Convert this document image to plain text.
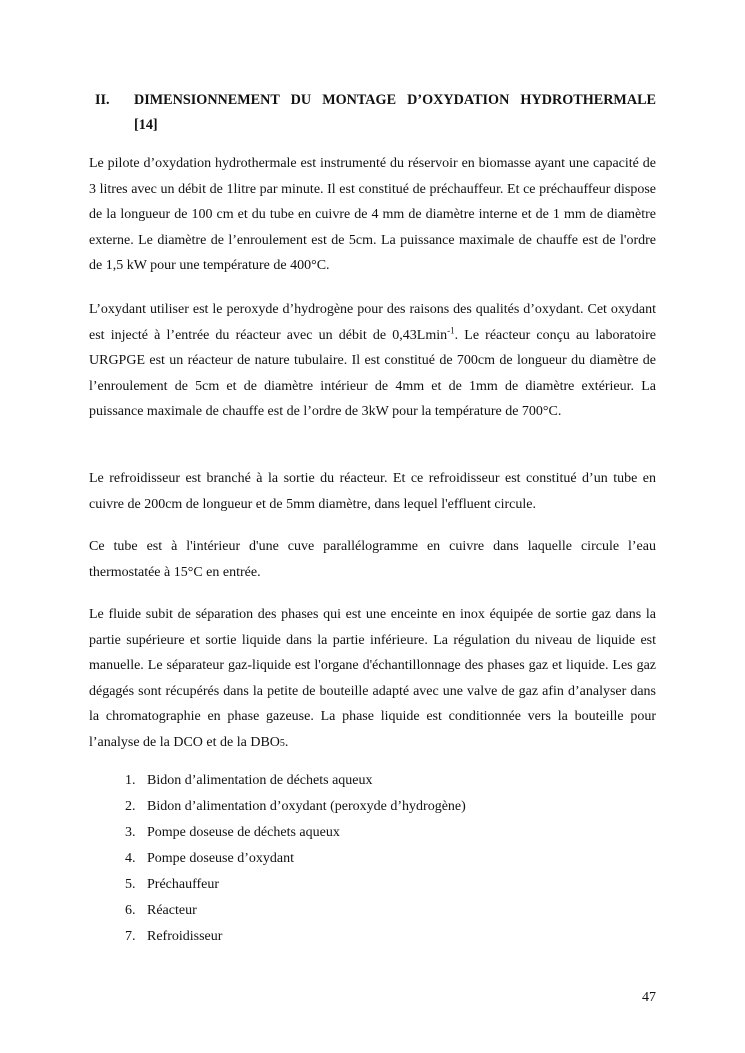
II. DIMENSIONNEMENT DU MONTAGE D’OXYDATION HYDROTHERMALE
[14]

Le pilote d’oxydation hydrothermale est instrumenté du réservoir en biomasse ayant une capacité de 3 litres avec un débit de 1litre par minute. Il est constitué de préchauffeur. Et ce préchauffeur dispose de la longueur de 100 cm et du tube en cuivre de 4 mm de diamètre interne et de 1 mm de diamètre externe. Le diamètre de l’enroulement est de 5cm. La puissance maximale de chauffe est de l'ordre de 1,5 kW pour une température de 400°C.

L’oxydant utiliser est le peroxyde d’hydrogène pour des raisons des qualités d’oxydant. Cet oxydant est injecté à l’entrée du réacteur avec un débit de 0,43Lmin$^{-1}$. Le réacteur conçu au laboratoire URGPGE est un réacteur de nature tubulaire. Il est constitué de 700cm de longueur du diamètre de l’enroulement de 5cm et de diamètre intérieur de 4mm et de 1mm de diamètre extérieur. La puissance maximale de chauffe est de l’ordre de 3kW pour la température de 700°C.

Le refroidisseur est branché à la sortie du réacteur. Et ce refroidisseur est constitué d’un tube en cuivre de 200cm de longueur et de 5mm diamètre, dans lequel l'effluent circule.

Ce tube est à l'intérieur d'une cuve parallélogramme en cuivre dans laquelle circule l’eau thermostatée à 15°C en entrée.

Le fluide subit de séparation des phases qui est une enceinte en inox équipée de sortie gaz dans la partie supérieure et sortie liquide dans la partie inférieure. La régulation du niveau de liquide est manuelle. Le séparateur gaz-liquide est l'organe d'échantillonnage des phases gaz et liquide. Les gaz dégagés sont récupérés dans la petite de bouteille adapté avec une valve de gaz afin d’analyser dans la chromatographie en phase gazeuse. La phase liquide est conditionnée vers la bouteille pour l’analyse de la DCO et de la DBO5.

1. Bidon d’alimentation de déchets aqueux
2. Bidon d’alimentation d’oxydant (peroxyde d’hydrogène)
3. Pompe doseuse de déchets aqueux
4. Pompe doseuse d’oxydant
5. Préchauffeur
6. Réacteur
7. Refroidisseur
47
